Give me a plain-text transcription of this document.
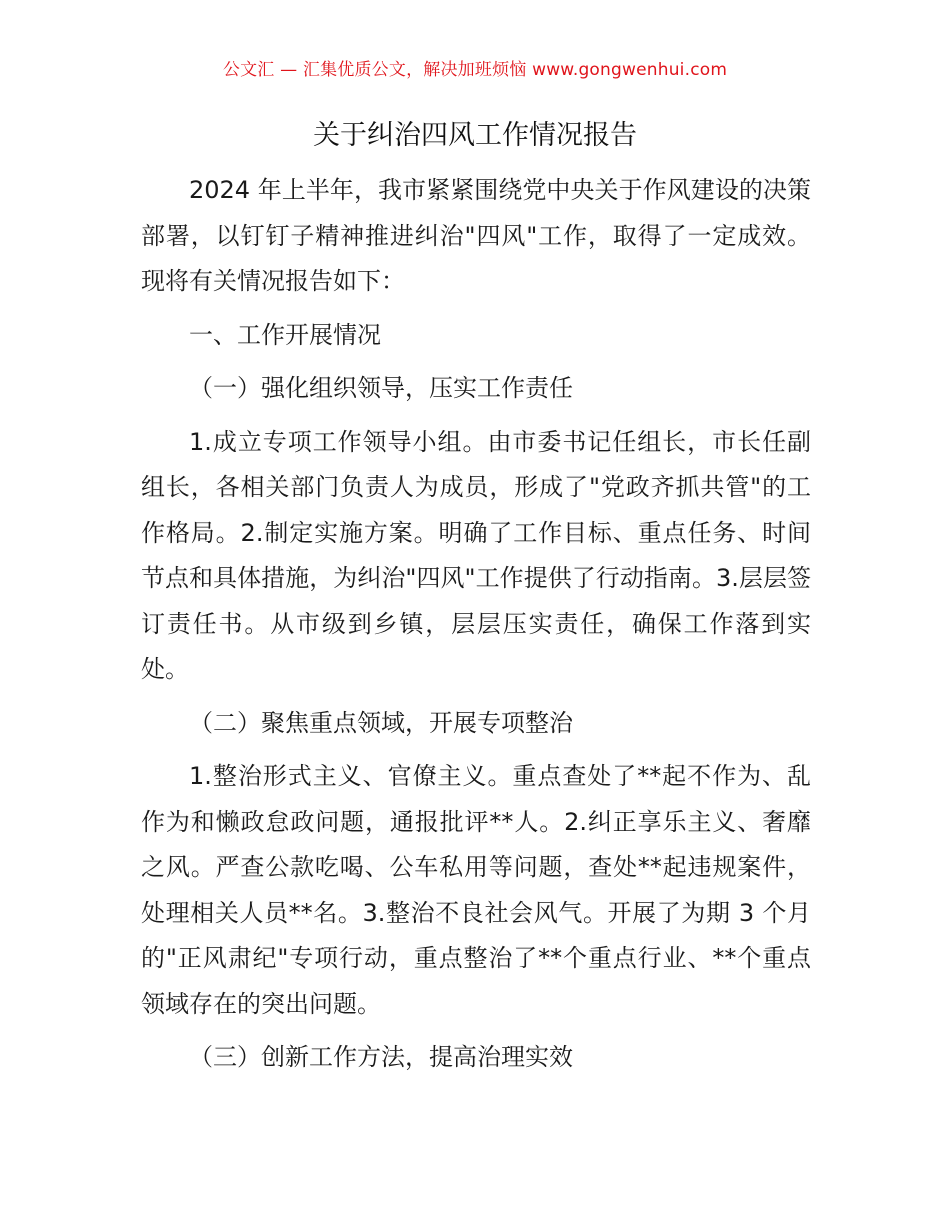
公文汇 — 汇集优质公文，解决加班烦恼 www.gongwenhui.com
关于纠治四风工作情况报告

2024 年上半年，我市紧紧围绕党中央关于作风建设的决策部署，以钉钉子精神推进纠治"四风"工作，取得了一定成效。现将有关情况报告如下：

一、工作开展情况

（一）强化组织领导，压实工作责任

1.成立专项工作领导小组。由市委书记任组长，市长任副组长，各相关部门负责人为成员，形成了"党政齐抓共管"的工作格局。2.制定实施方案。明确了工作目标、重点任务、时间节点和具体措施，为纠治"四风"工作提供了行动指南。3.层层签订责任书。从市级到乡镇，层层压实责任，确保工作落到实处。

（二）聚焦重点领域，开展专项整治

1.整治形式主义、官僚主义。重点查处了**起不作为、乱作为和懒政怠政问题，通报批评**人。2.纠正享乐主义、奢靡之风。严查公款吃喝、公车私用等问题，查处**起违规案件，处理相关人员**名。3.整治不良社会风气。开展了为期 3 个月的"正风肃纪"专项行动，重点整治了**个重点行业、**个重点领域存在的突出问题。

（三）创新工作方法，提高治理实效
